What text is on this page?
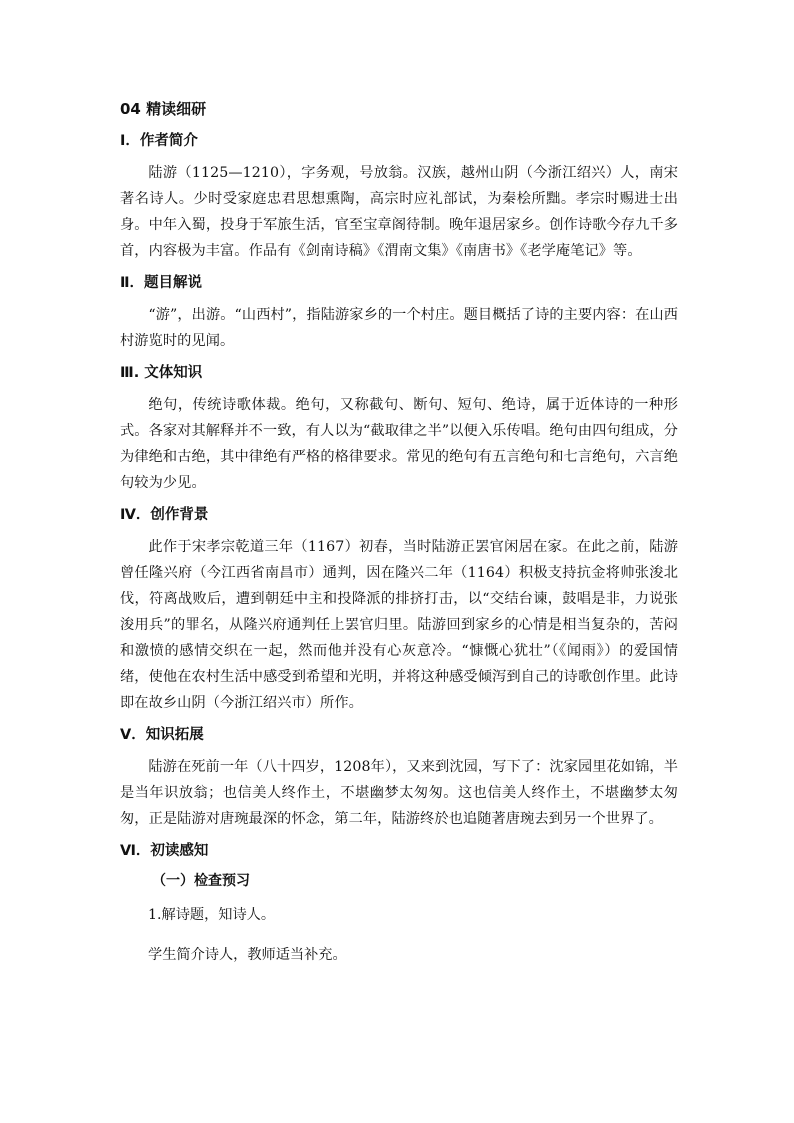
04 精读细研
Ⅰ．作者简介

陆游（1125—1210），字务观，号放翁。汉族，越州山阴（今浙江绍兴）人，南宋著名诗人。少时受家庭忠君思想熏陶，高宗时应礼部试，为秦桧所黜。孝宗时赐进士出身。中年入蜀，投身于军旅生活，官至宝章阁待制。晚年退居家乡。创作诗歌今存九千多首，内容极为丰富。作品有《剑南诗稿》《渭南文集》《南唐书》《老学庵笔记》等。

Ⅱ．题目解说

“游”，出游。“山西村”，指陆游家乡的一个村庄。题目概括了诗的主要内容：在山西村游览时的见闻。

Ⅲ. 文体知识

绝句，传统诗歌体裁。绝句，又称截句、断句、短句、绝诗，属于近体诗的一种形式。各家对其解释并不一致，有人以为“截取律之半”以便入乐传唱。绝句由四句组成，分为律绝和古绝，其中律绝有严格的格律要求。常见的绝句有五言绝句和七言绝句，六言绝句较为少见。

Ⅳ．创作背景

此作于宋孝宗乾道三年（1167）初春，当时陆游正罢官闲居在家。在此之前，陆游曾任隆兴府（今江西省南昌市）通判，因在隆兴二年（1164）积极支持抗金将帅张浚北伐，符离战败后，遭到朝廷中主和投降派的排挤打击，以“交结台谏，鼓唱是非，力说张浚用兵”的罪名，从隆兴府通判任上罢官归里。陆游回到家乡的心情是相当复杂的，苦闷和激愤的感情交织在一起，然而他并没有心灰意冷。“慷慨心犹壮”（《闻雨》）的爱国情绪，使他在农村生活中感受到希望和光明，并将这种感受倾泻到自己的诗歌创作里。此诗即在故乡山阴（今浙江绍兴市）所作。

Ⅴ．知识拓展

陆游在死前一年（八十四岁，1208年），又来到沈园，写下了：沈家园里花如锦，半是当年识放翁；也信美人终作土，不堪幽梦太匆匆。这也信美人终作土，不堪幽梦太匆匆，正是陆游对唐琬最深的怀念，第二年，陆游终於也追随著唐琬去到另一个世界了。

Ⅵ．初读感知
（一）检查预习
1.解诗题，知诗人。
学生简介诗人，教师适当补充。
